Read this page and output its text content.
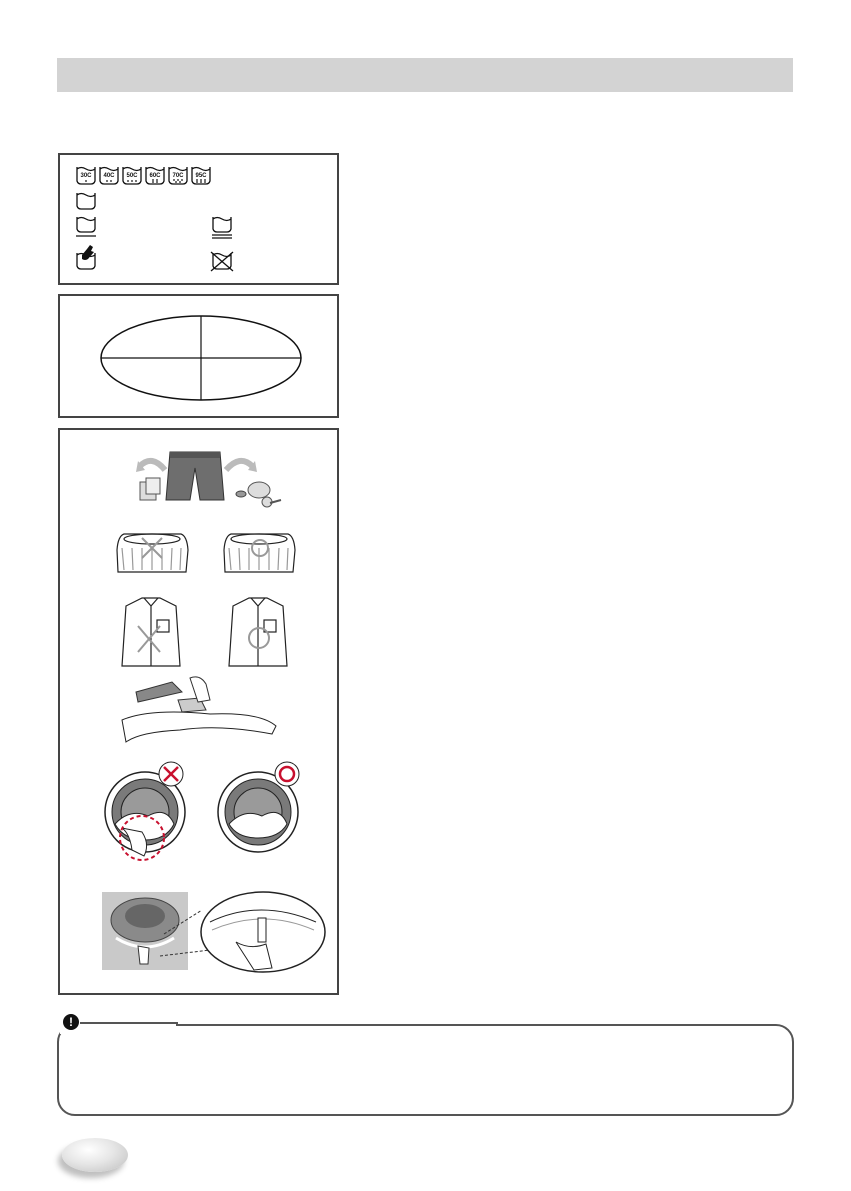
30C 40C 50C 60C 70C 95C
!
